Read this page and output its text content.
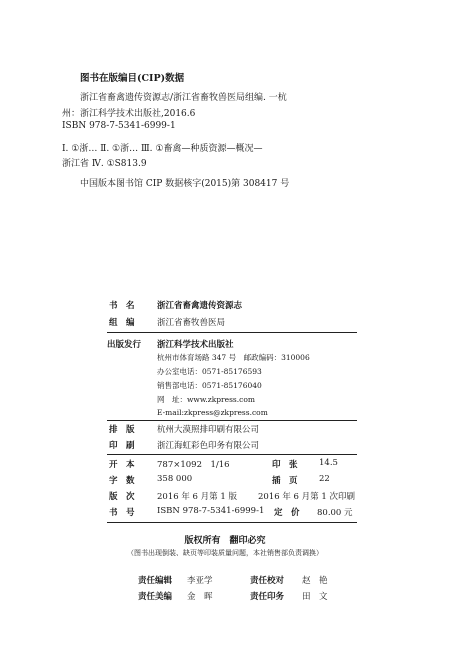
图书在版编目(CIP)数据
浙江省畜禽遗传资源志/浙江省畜牧兽医局组编. 一杭
州：浙江科学技术出版社,2016.6
ISBN 978-7-5341-6999-1
Ⅰ. ①浙… Ⅱ. ①浙… Ⅲ. ①畜禽—种质资源—概况—
浙江省 Ⅳ. ①S813.9
中国版本图书馆 CIP 数据核字(2015)第 308417 号
书　名	浙江省畜禽遗传资源志
组　编	浙江省畜牧兽医局
出版发行 浙江科学技术出版社
杭州市体育场路 347 号　邮政编码：310006
办公室电话：0571-85176593
销售部电话：0571-85176040
网　址：www.zkpress.com
E-mail:zkpress@zkpress.com
排　版	杭州大漠照排印刷有限公司
印　刷	浙江海虹彩色印务有限公司
开　本	787×1092　1/16	印　张	14.5
字　数	358 000	插　页	22
版　次	2016 年 6 月第 1 版 2016 年 6 月第 1 次印刷
书　号	ISBN 978-7-5341-6999-1 定　价 80.00 元
版权所有　翻印必究
（图书出现倒装、缺页等印装质量问题，本社销售部负责调换）
责任编辑 李亚学	责任校对 赵　艳
责任美编 金　晖	责任印务 田　文
